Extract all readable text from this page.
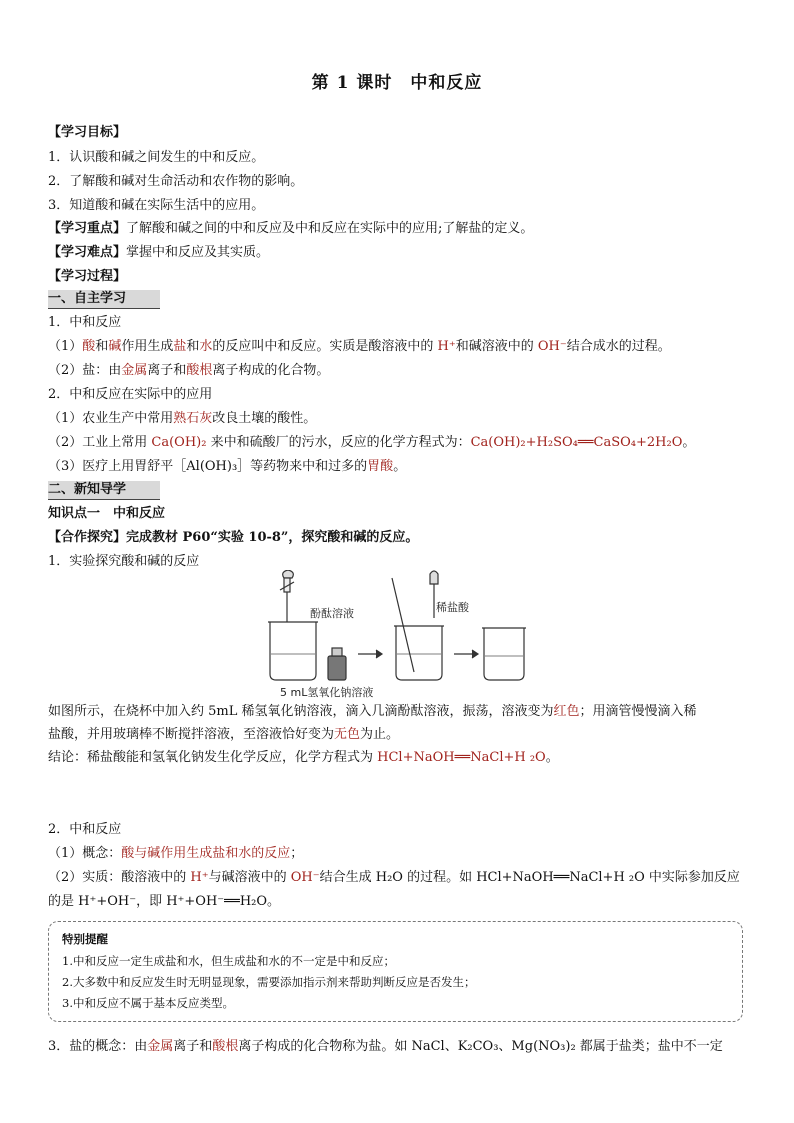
第 1 课时　中和反应
【学习目标】
1．认识酸和碱之间发生的中和反应。
2．了解酸和碱对生命活动和农作物的影响。
3．知道酸和碱在实际生活中的应用。
【学习重点】了解酸和碱之间的中和反应及中和反应在实际中的应用;了解盐的定义。
【学习难点】掌握中和反应及其实质。
【学习过程】
一、自主学习
1．中和反应
（1）酸和碱作用生成盐和水的反应叫中和反应。实质是酸溶液中的 H⁺和碱溶液中的 OH⁻结合成水的过程。
（2）盐：由金属离子和酸根离子构成的化合物。
2．中和反应在实际中的应用
（1）农业生产中常用熟石灰改良土壤的酸性。
（2）工业上常用 Ca(OH)₂ 来中和硫酸厂的污水，反应的化学方程式为：Ca(OH)₂+H₂SO₄══CaSO₄+2H₂O。
（3）医疗上用胃舒平［Al(OH)₃］等药物来中和过多的胃酸。
二、新知导学
知识点一　中和反应
【合作探究】完成教材 P60“实验 10-8”，探究酸和碱的反应。
1．实验探究酸和碱的反应
酚酞溶液	稀盐酸
5 mL氢氧化钠溶液
如图所示，在烧杯中加入约 5mL 稀氢氧化钠溶液，滴入几滴酚酞溶液，振荡，溶液变为红色；用滴管慢慢滴入稀
盐酸，并用玻璃棒不断搅拌溶液，至溶液恰好变为无色为止。
结论：稀盐酸能和氢氧化钠发生化学反应，化学方程式为 HCl+NaOH══NaCl+H ₂O。
2．中和反应
（1）概念：酸与碱作用生成盐和水的反应；
（2）实质：酸溶液中的 H⁺与碱溶液中的 OH⁻结合生成 H₂O 的过程。如 HCl+NaOH══NaCl+H ₂O 中实际参加反应
的是 H⁺+OH⁻，即 H⁺+OH⁻══H₂O。
特别提醒
1.中和反应一定生成盐和水，但生成盐和水的不一定是中和反应；
2.大多数中和反应发生时无明显现象，需要添加指示剂来帮助判断反应是否发生；
3.中和反应不属于基本反应类型。
3．盐的概念：由金属离子和酸根离子构成的化合物称为盐。如 NaCl、K₂CO₃、Mg(NO₃)₂ 都属于盐类；盐中不一定
